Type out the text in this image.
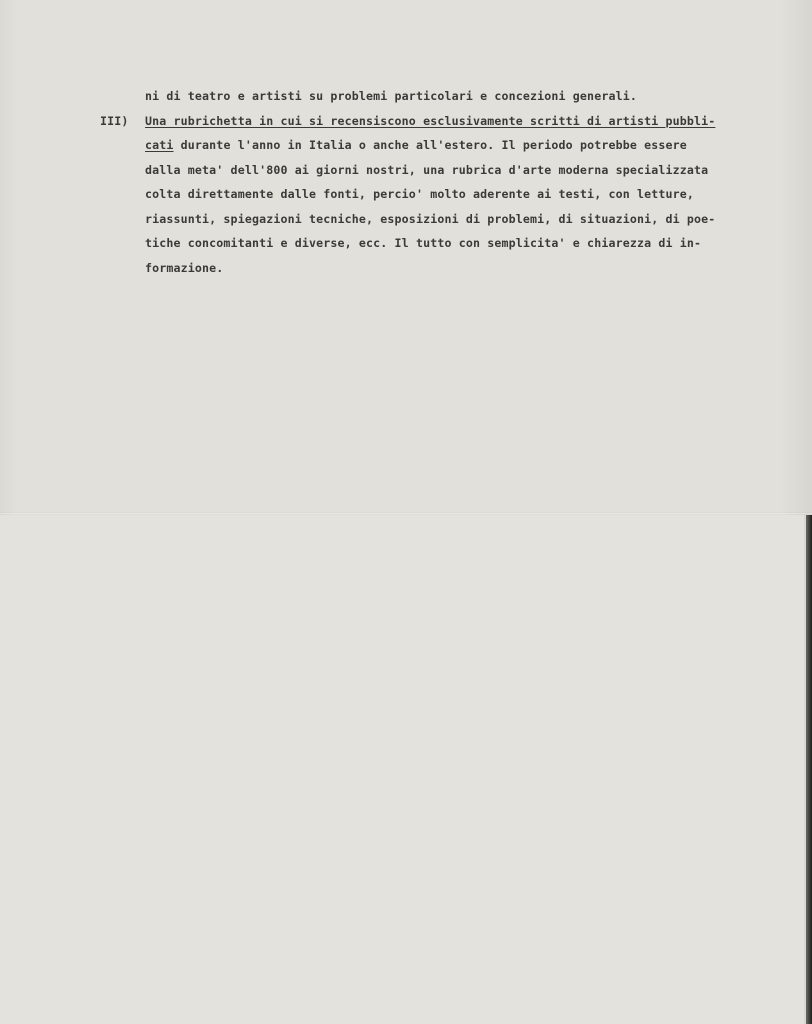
ni di teatro e artisti su problemi particolari e concezioni generali.
III) Una rubrichetta in cui si recensiscono esclusivamente scritti di artisti pubbli-
cati durante l'anno in Italia o anche all'estero. Il periodo potrebbe essere
dalla meta' dell'800 ai giorni nostri, una rubrica d'arte moderna specializzata
colta direttamente dalle fonti, percio' molto aderente ai testi, con letture,
riassunti, spiegazioni tecniche, esposizioni di problemi, di situazioni, di poe-
tiche concomitanti e diverse, ecc. Il tutto con semplicita' e chiarezza di in-
formazione.
